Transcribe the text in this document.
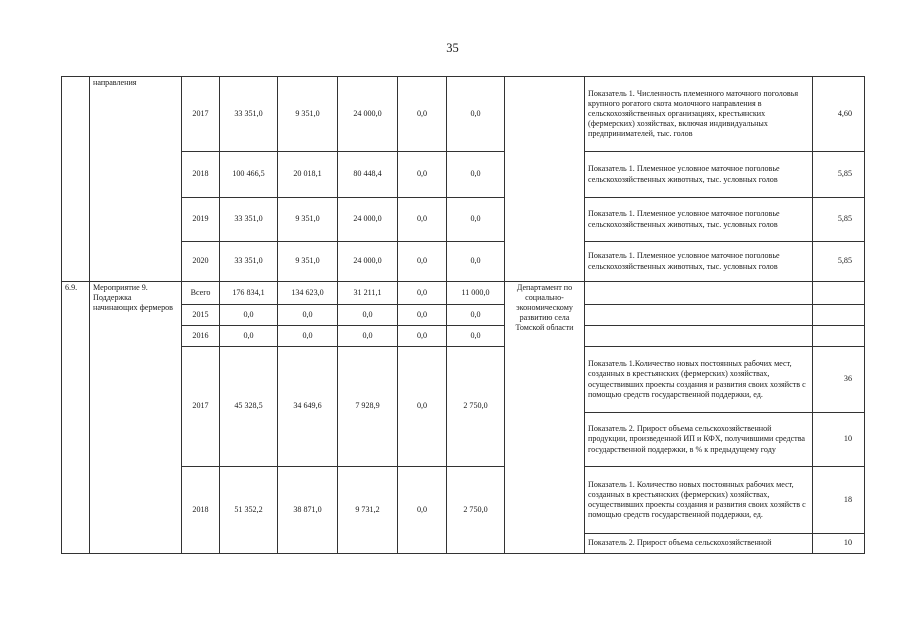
35
	направления	2017	33 351,0	9 351,0	24 000,0	0,0	0,0		Показатель 1. Численность племенного маточного поголовья крупного рогатого скота молочного направления в сельскохозяйственных организациях, крестьянских (фермерских) хозяйствах, включая индивидуальных предпринимателей, тыс. голов	4,60
		2018	100 466,5	20 018,1	80 448,4	0,0	0,0		Показатель 1. Племенное условное маточное поголовье сельскохозяйственных животных, тыс. условных голов	5,85
		2019	33 351,0	9 351,0	24 000,0	0,0	0,0		Показатель 1. Племенное условное маточное поголовье сельскохозяйственных животных, тыс. условных голов	5,85
		2020	33 351,0	9 351,0	24 000,0	0,0	0,0		Показатель 1. Племенное условное маточное поголовье сельскохозяйственных животных, тыс. условных голов	5,85
6.9.	Мероприятие 9. Поддержка начинающих фермеров	Всего	176 834,1	134 623,0	31 211,1	0,0	11 000,0	Департамент по социально-экономическому развитию села Томской области		
		2015	0,0	0,0	0,0	0,0	0,0			
		2016	0,0	0,0	0,0	0,0	0,0			
		2017	45 328,5	34 649,6	7 928,9	0,0	2 750,0		Показатель 1.Количество новых постоянных рабочих мест, созданных в крестьянских (фермерских) хозяйствах, осуществивших проекты создания и развития своих хозяйств с помощью средств государственной поддержки, ед.	36
									Показатель 2. Прирост объема сельскохозяйственной продукции, произведенной ИП и КФХ, получившими средства государственной поддержки, в % к предыдущему году	10
		2018	51 352,2	38 871,0	9 731,2	0,0	2 750,0		Показатель 1. Количество новых постоянных рабочих мест, созданных в крестьянских (фермерских) хозяйствах, осуществивших проекты создания и развития своих хозяйств с помощью средств государственной поддержки, ед.	18
									Показатель 2. Прирост объема сельскохозяйственной	10
